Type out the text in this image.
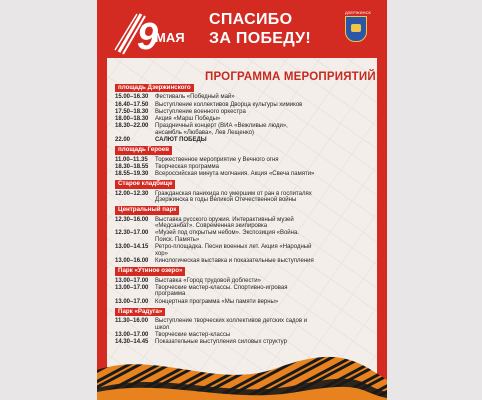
9
МАЯ
СПАСИБО
ЗА ПОБЕДУ!
ДЗЕРЖИНСК
ПРОГРАММА МЕРОПРИЯТИЙ
площадь Дзержинского
15.00–16.30	Фестиваль «Победный май»
16.40–17.50	Выступление коллективов Дворца культуры химиков
17.50–18.30	Выступление военного оркестра
18.00–18.30	Акция «Марш Победы»
18.30–22.00	Праздничный концерт (ВИА «Вежливые люди», ансамбль «Любава», Лев Лещенко)
22.00	САЛЮТ ПОБЕДЫ
площадь Героев
11.00–11.35	Торжественное мероприятие у Вечного огня
18.30–18.55	Творческая программа
18.55–19.30	Всероссийская минута молчания. Акция «Свеча памяти»
Старое кладбище
12.00–12.30	Гражданская панихида по умершим от ран в госпиталях Дзержинска в годы Великой Отечественной войны
Центральный парк
12.30–16.00	Выставка русского оружия. Интерактивный музей «Медсанбат». Современная экипировка
12.30–17.00	«Музей под открытым небом». Экспозиция «Война. Поиск. Память»
13.00–14.15	Ретро-площадка. Песни военных лет. Акция «Народный хор»
13.00–16.00	Кинологическая выставка и показательные выступления
Парк «Утиное озеро»
13.00–17.00	Выставка «Город трудовой доблести»
13.00–17.00	Творческие мастер-классы. Спортивно-игровая программа
13.00–17.00	Концертная программа «Мы памяти верны»
Парк «Радуга»
11.30–16.00	Выступление творческих коллективов детских садов и школ
13.00–17.00	Творческие мастер-классы
14.30–14.45	Показательные выступления силовых структур
